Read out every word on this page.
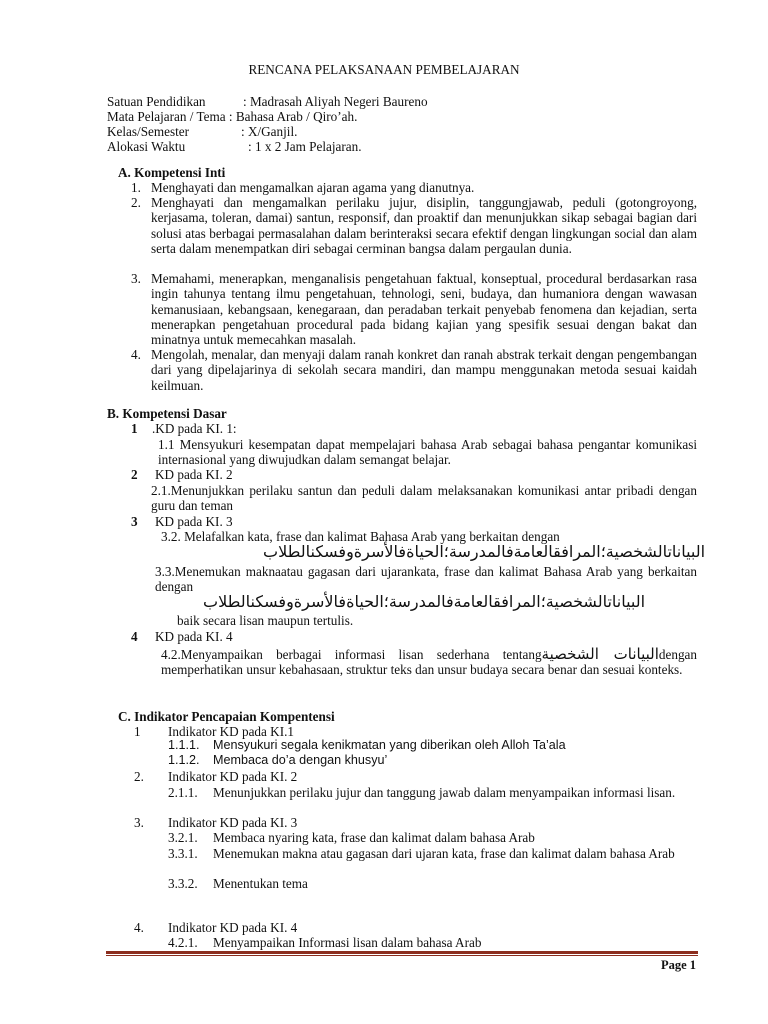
RENCANA PELAKSANAAN PEMBELAJARAN
Satuan Pendidikan	: Madrasah Aliyah Negeri Baureno
Mata Pelajaran / Tema : Bahasa Arab / Qiro’ah.
Kelas/Semester	: X/Ganjil.
Alokasi Waktu	: 1 x 2 Jam Pelajaran.
A. Kompetensi Inti
1. Menghayati dan mengamalkan ajaran agama yang dianutnya.
2. Menghayati dan mengamalkan perilaku jujur, disiplin, tanggungjawab, peduli (gotongroyong, kerjasama, toleran, damai) santun, responsif, dan proaktif dan menunjukkan sikap sebagai bagian dari solusi atas berbagai permasalahan dalam berinteraksi secara efektif dengan lingkungan social dan alam serta dalam menempatkan diri sebagai cerminan bangsa dalam pergaulan dunia.
3. Memahami, menerapkan, menganalisis pengetahuan faktual, konseptual, procedural berdasarkan rasa ingin tahunya tentang ilmu pengetahuan, tehnologi, seni, budaya, dan humaniora dengan wawasan kemanusiaan, kebangsaan, kenegaraan, dan peradaban terkait penyebab fenomena dan kejadian, serta menerapkan pengetahuan procedural pada bidang kajian yang spesifik sesuai dengan bakat dan minatnya untuk memecahkan masalah.
4. Mengolah, menalar, dan menyaji dalam ranah konkret dan ranah abstrak terkait dengan pengembangan dari yang dipelajarinya di sekolah secara mandiri, dan mampu menggunakan metoda sesuai kaidah keilmuan.
B. Kompetensi Dasar
1 .KD pada KI. 1:
1.1 Mensyukuri kesempatan dapat mempelajari bahasa Arab sebagai bahasa pengantar komunikasi internasional yang diwujudkan dalam semangat belajar.
2 KD pada KI. 2
2.1.Menunjukkan perilaku santun dan peduli dalam melaksanakan komunikasi antar pribadi dengan guru dan teman
3 KD pada KI. 3
3.2. Melafalkan kata, frase dan kalimat Bahasa Arab yang berkaitan dengan
البياناتالشخصية؛المرافقالعامةفالمدرسة؛الحياةفالأسرةوفسكنالطلاب
3.3.Menemukan maknaatau gagasan dari ujarankata, frase dan kalimat Bahasa Arab yang berkaitan dengan
البياناتالشخصية؛المرافقالعامةفالمدرسة؛الحياةفالأسرةوفسكنالطلاب
baik secara lisan maupun tertulis.
4 KD pada KI. 4
4.2.Menyampaikan berbagai informasi lisan sederhana tentangالبيانات الشخصيةdengan memperhatikan unsur kebahasaan, struktur teks dan unsur budaya secara benar dan sesuai konteks.
C. Indikator Pencapaian Kompentensi
1 Indikator KD pada KI.1
1.1.1. Mensyukuri segala kenikmatan yang diberikan oleh Alloh Ta’ala
1.1.2. Membaca do’a dengan khusyu’
2. Indikator KD pada KI. 2
2.1.1. Menunjukkan perilaku jujur dan tanggung jawab dalam menyampaikan informasi lisan.
3. Indikator KD pada KI. 3
3.2.1. Membaca nyaring kata, frase dan kalimat dalam bahasa Arab
3.3.1. Menemukan makna atau gagasan dari ujaran kata, frase dan kalimat dalam bahasa Arab
3.3.2. Menentukan tema
4. Indikator KD pada KI. 4
4.2.1. Menyampaikan Informasi lisan dalam bahasa Arab
Page 1
